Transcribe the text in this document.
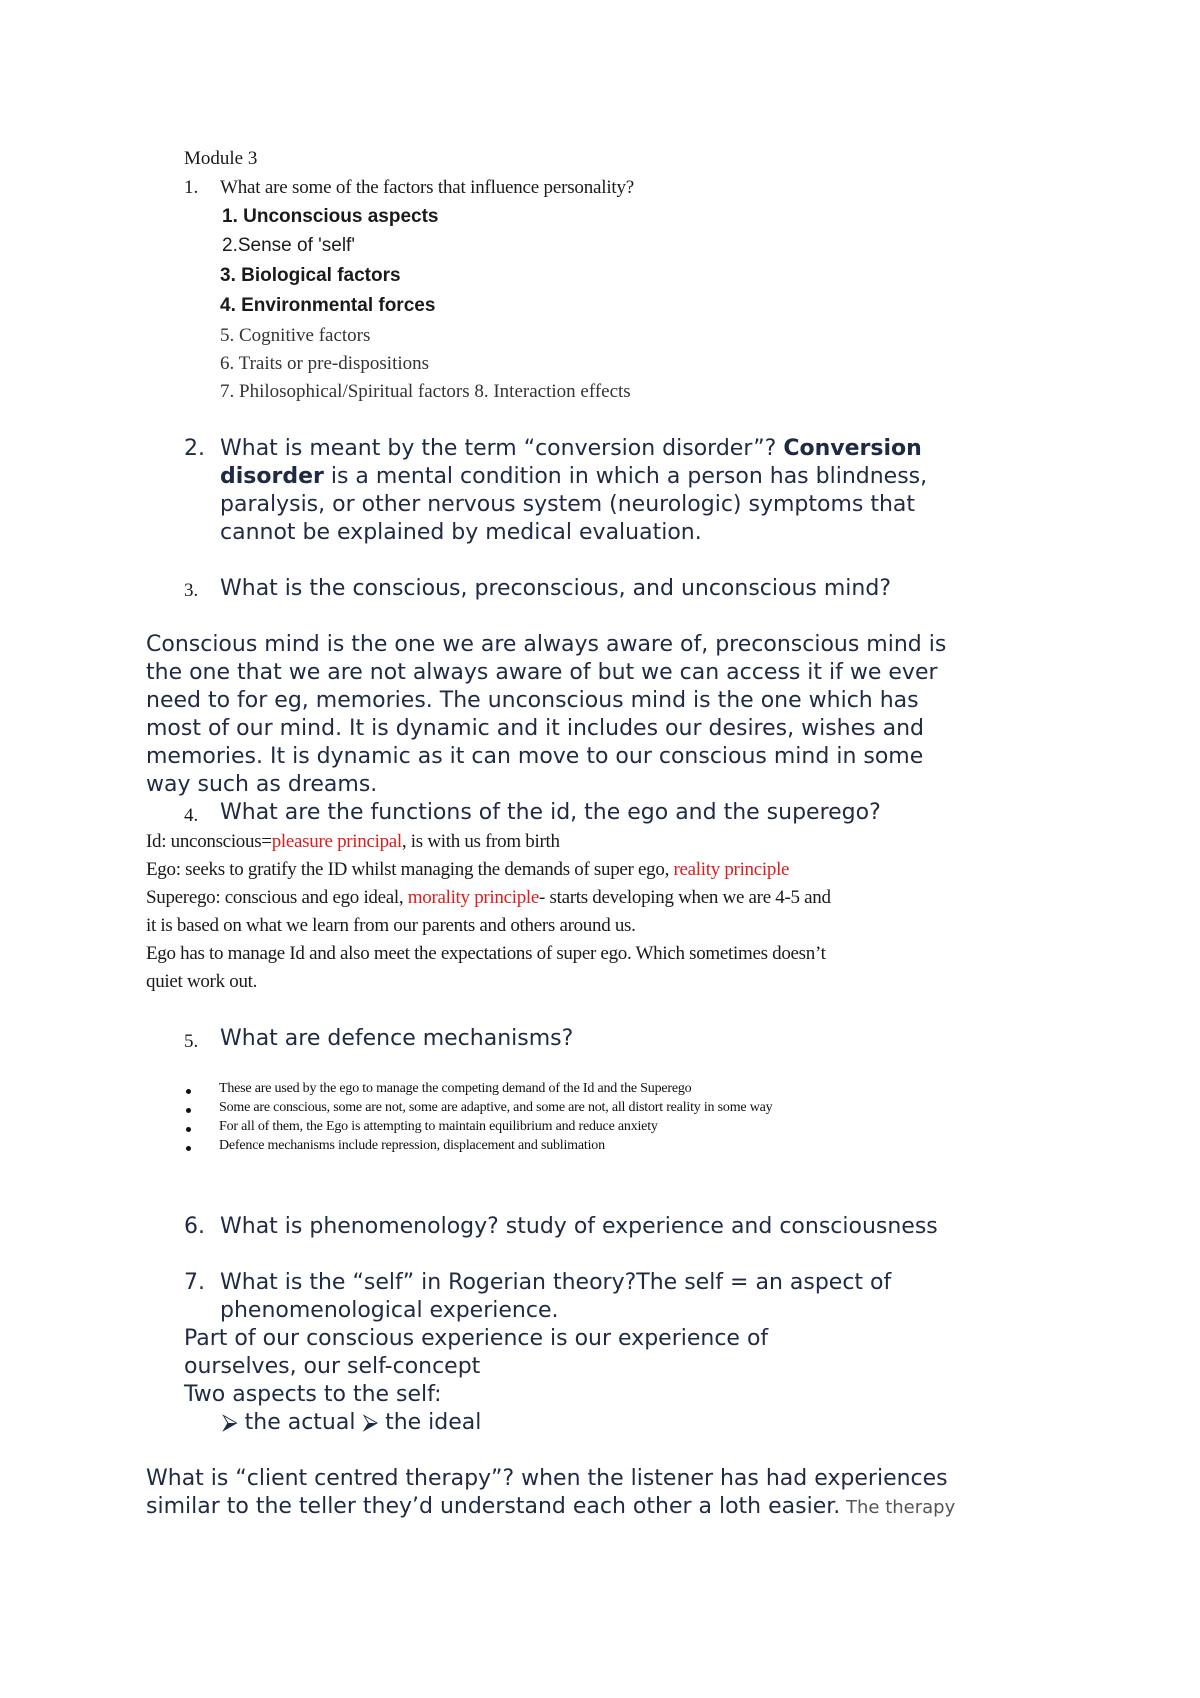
Module 3
1. What are some of the factors that influence personality?
1. Unconscious aspects
2.Sense of 'self'
3. Biological factors
4. Environmental forces
5. Cognitive factors
6. Traits or pre-dispositions
7. Philosophical/Spiritual factors 8. Interaction effects
2. What is meant by the term “conversion disorder”? Conversion
disorder is a mental condition in which a person has blindness,
paralysis, or other nervous system (neurologic) symptoms that
cannot be explained by medical evaluation.
3. What is the conscious, preconscious, and unconscious mind?
Conscious mind is the one we are always aware of, preconscious mind is
the one that we are not always aware of but we can access it if we ever
need to for eg, memories. The unconscious mind is the one which has
most of our mind. It is dynamic and it includes our desires, wishes and
memories. It is dynamic as it can move to our conscious mind in some
way such as dreams.
4. What are the functions of the id, the ego and the superego?
Id: unconscious=pleasure principal, is with us from birth
Ego: seeks to gratify the ID whilst managing the demands of super ego, reality principle
Superego: conscious and ego ideal, morality principle- starts developing when we are 4-5 and
it is based on what we learn from our parents and others around us.
Ego has to manage Id and also meet the expectations of super ego. Which sometimes doesn’t
quiet work out.
5. What are defence mechanisms?
These are used by the ego to manage the competing demand of the Id and the Superego
Some are conscious, some are not, some are adaptive, and some are not, all distort reality in some way
For all of them, the Ego is attempting to maintain equilibrium and reduce anxiety
Defence mechanisms include repression, displacement and sublimation
6. What is phenomenology? study of experience and consciousness
7. What is the “self” in Rogerian theory?The self = an aspect of
phenomenological experience.
Part of our conscious experience is our experience of
ourselves, our self-concept
Two aspects to the self:
⮚ the actual ⮚ the ideal
What is “client centred therapy”? when the listener has had experiences
similar to the teller they’d understand each other a loth easier. The therapy
